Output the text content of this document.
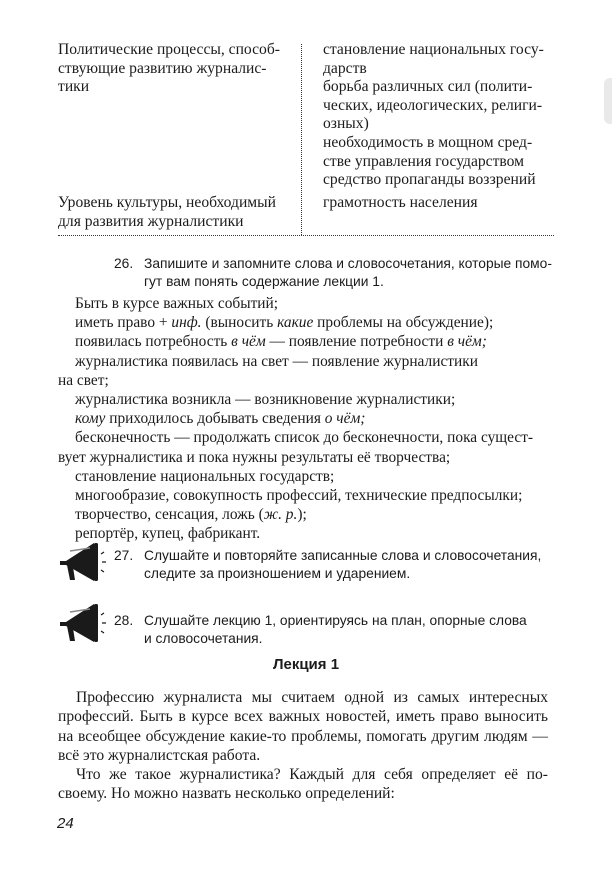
Политические процессы, способ-
ствующие развитию журналис-
тики
становление национальных госу-
дарств
борьба различных сил (полити-
ческих, идеологических, религи-
озных)
необходимость в мощном сред-
стве управления государством
средство пропаганды воззрений
Уровень культуры, необходимый
для развития журналистики
грамотность населения
26. Запишите и запомните слова и словосочетания, которые помо-
гут вам понять содержание лекции 1.
Быть в курсе важных событий;
иметь право + инф. (выносить какие проблемы на обсуждение);
появилась потребность в чём — появление потребности в чём;
журналистика появилась на свет — появление журналистики
на свет;
журналистика возникла — возникновение журналистики;
кому приходилось добывать сведения о чём;
бесконечность — продолжать список до бесконечности, пока сущест-
вует журналистика и пока нужны результаты её творчества;
становление национальных государств;
многообразие, совокупность профессий, технические предпосылки;
творчество, сенсация, ложь (ж. р.);
репортёр, купец, фабрикант.
27. Слушайте и повторяйте записанные слова и словосочетания,
следите за произношением и ударением.
28. Слушайте лекцию 1, ориентируясь на план, опорные слова
и словосочетания.
Лекция 1
Профессию журналиста мы считаем одной из самых интересных профессий. Быть в курсе всех важных новостей, иметь право выносить на всеобщее обсуждение какие-то проблемы, помогать другим людям — всё это журналистская работа.
Что же такое журналистика? Каждый для себя определяет её по-своему. Но можно назвать несколько определений:
24
